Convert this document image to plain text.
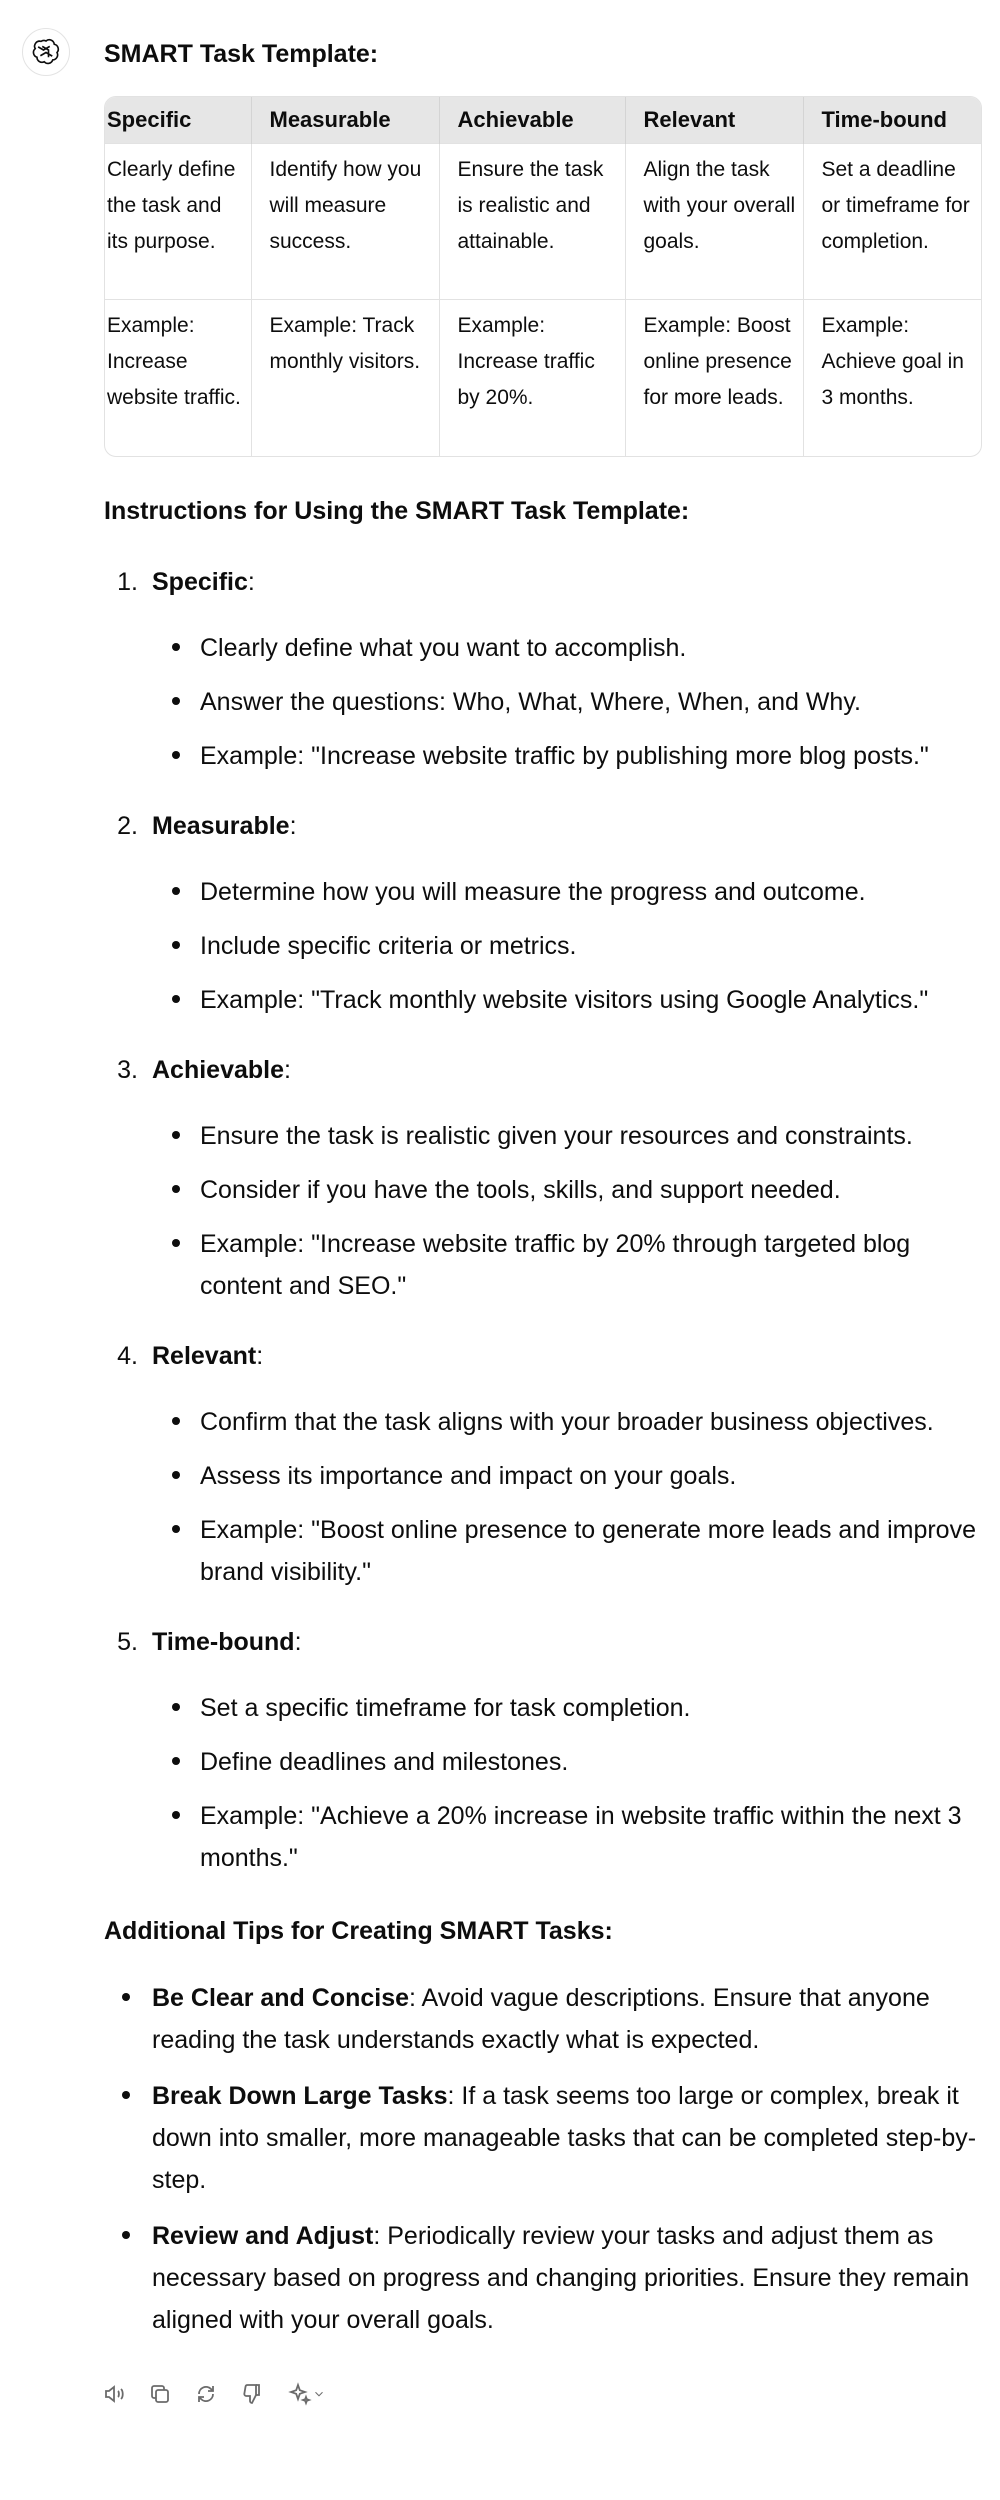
SMART Task Template:
Specific	Measurable	Achievable	Relevant	Time-bound
Clearly define the task and its purpose.	Identify how you will measure success.	Ensure the task is realistic and attainable.	Align the task with your overall goals.	Set a deadline or timeframe for completion.
Example: Increase website traffic.	Example: Track monthly visitors.	Example: Increase traffic by 20%.	Example: Boost online presence for more leads.	Example: Achieve goal in 3 months.
Instructions for Using the SMART Task Template:
1. Specific:
Clearly define what you want to accomplish.
Answer the questions: Who, What, Where, When, and Why.
Example: "Increase website traffic by publishing more blog posts."
2. Measurable:
Determine how you will measure the progress and outcome.
Include specific criteria or metrics.
Example: "Track monthly website visitors using Google Analytics."
3. Achievable:
Ensure the task is realistic given your resources and constraints.
Consider if you have the tools, skills, and support needed.
Example: "Increase website traffic by 20% through targeted blog content and SEO."
4. Relevant:
Confirm that the task aligns with your broader business objectives.
Assess its importance and impact on your goals.
Example: "Boost online presence to generate more leads and improve brand visibility."
5. Time-bound:
Set a specific timeframe for task completion.
Define deadlines and milestones.
Example: "Achieve a 20% increase in website traffic within the next 3 months."
Additional Tips for Creating SMART Tasks:
Be Clear and Concise: Avoid vague descriptions. Ensure that anyone reading the task understands exactly what is expected.
Break Down Large Tasks: If a task seems too large or complex, break it down into smaller, more manageable tasks that can be completed step-by-step.
Review and Adjust: Periodically review your tasks and adjust them as necessary based on progress and changing priorities. Ensure they remain aligned with your overall goals.
